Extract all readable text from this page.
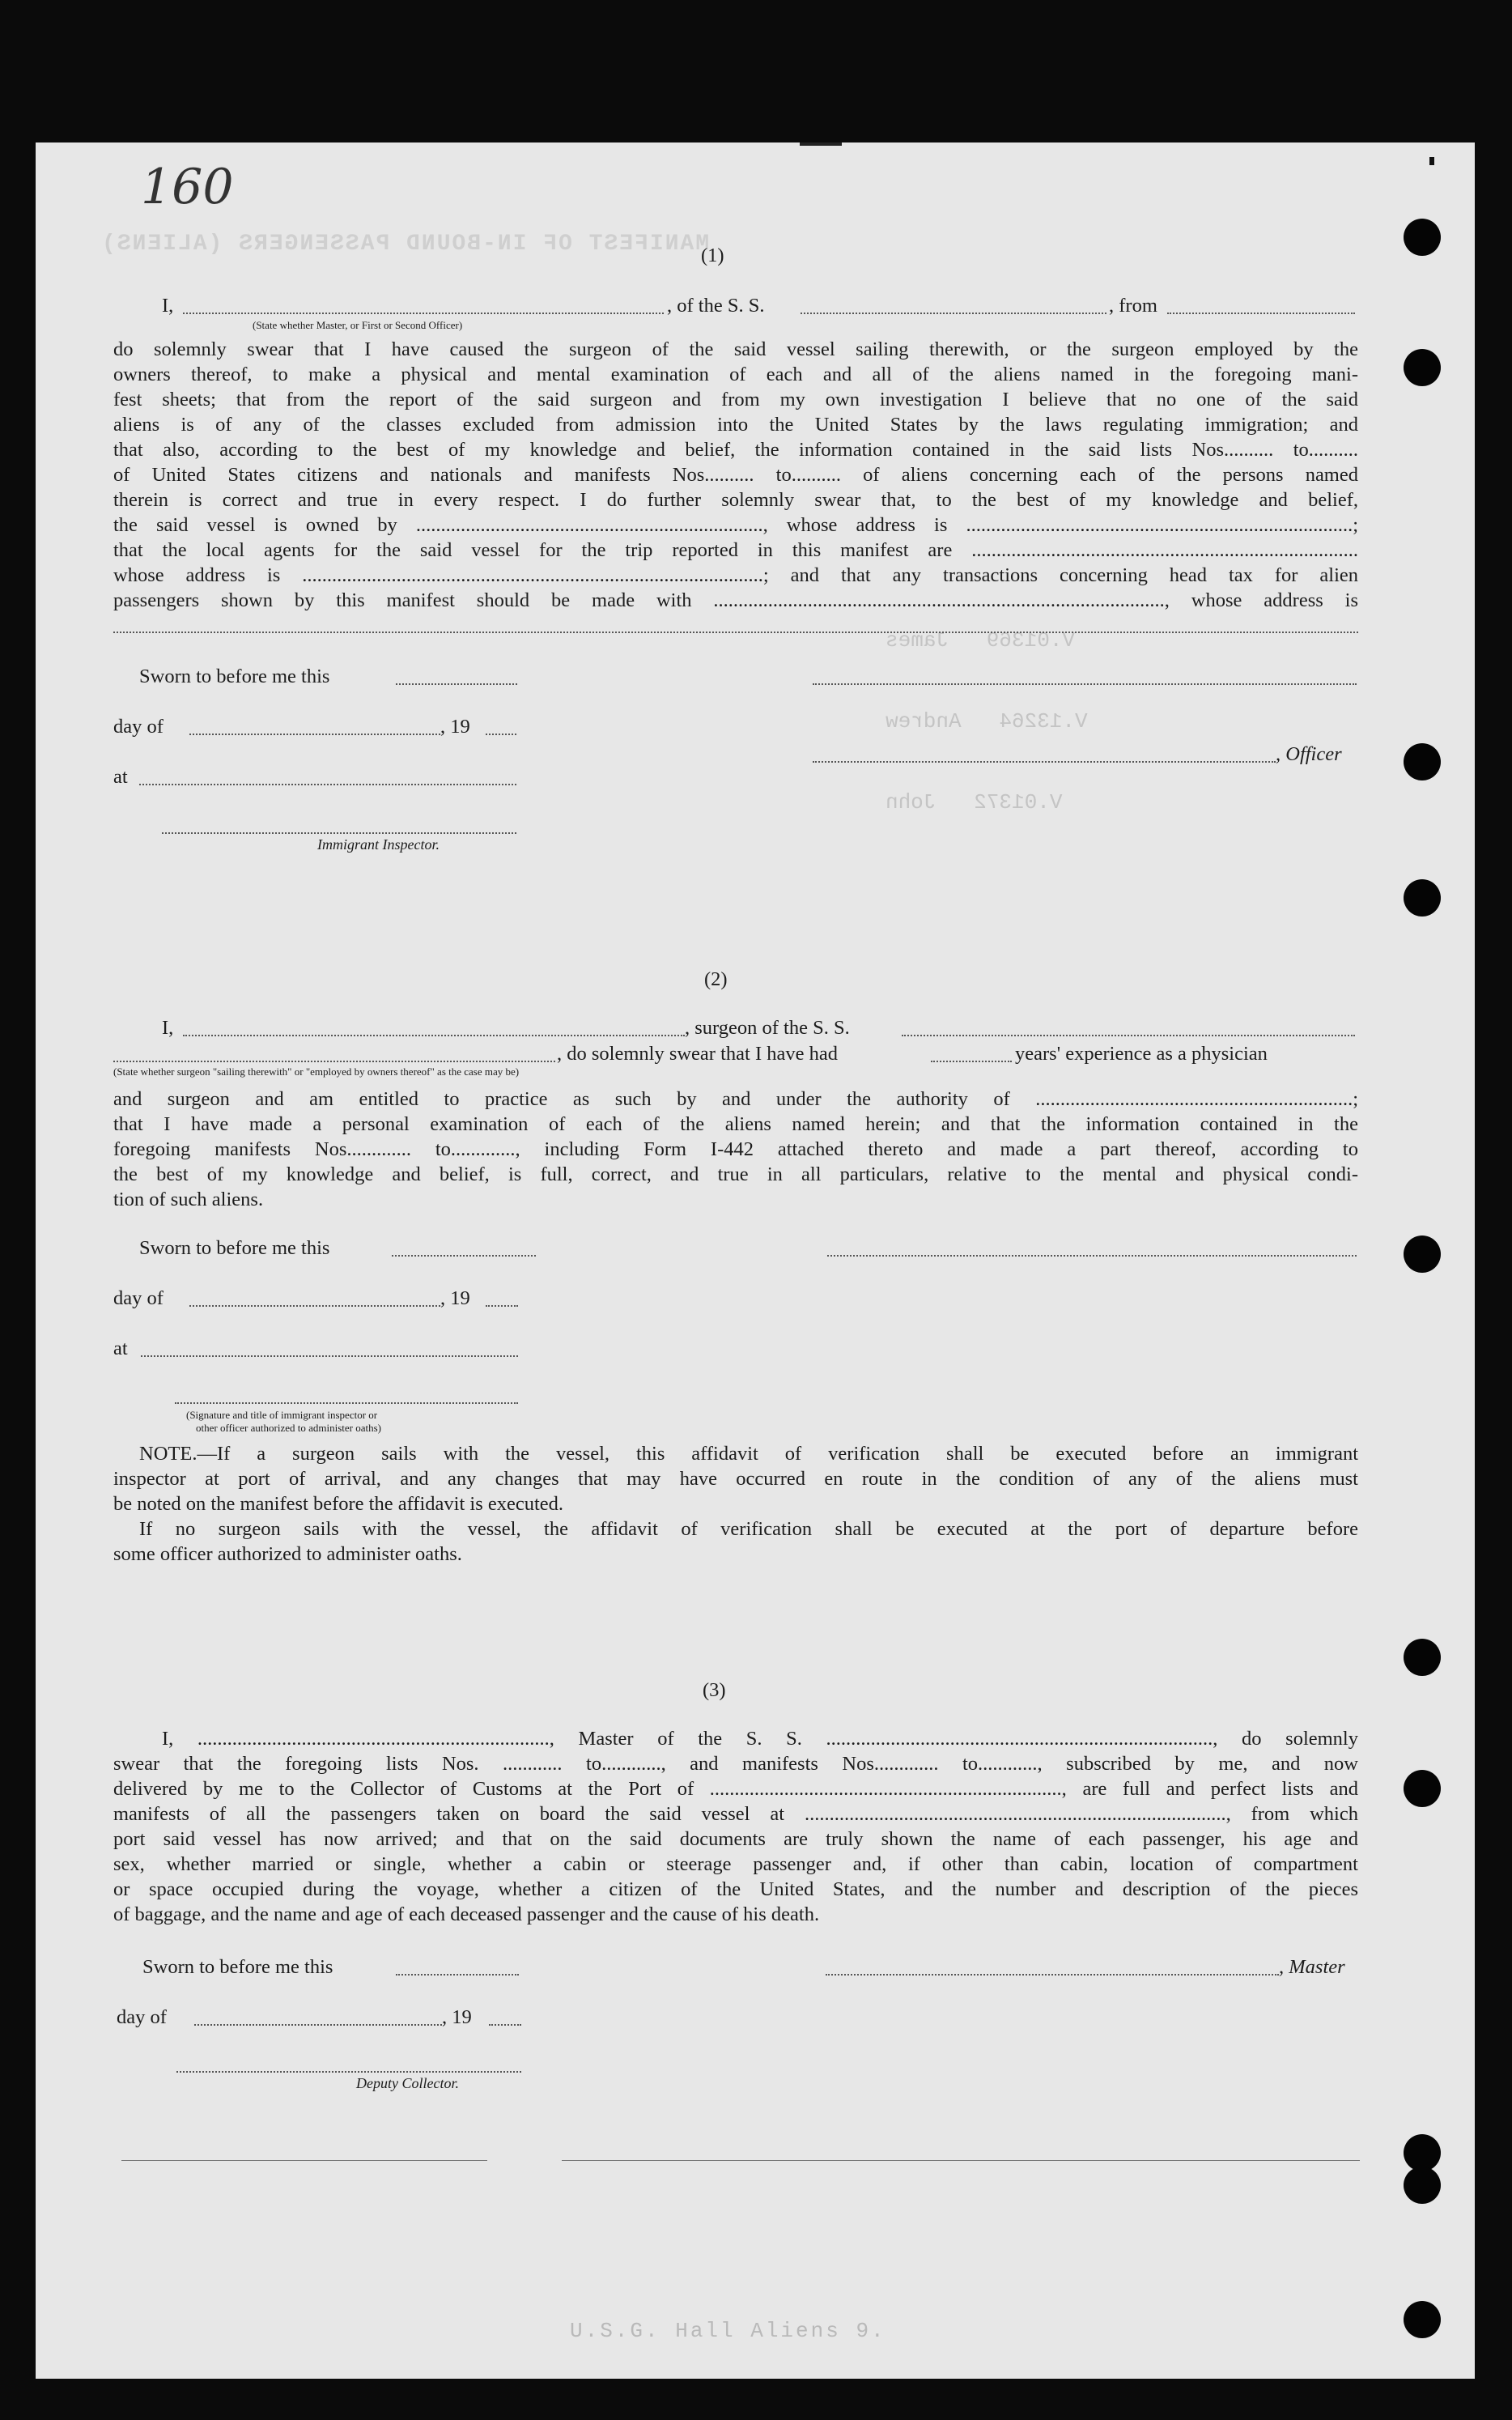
MANIFEST OF IN-BOUND PASSENGERS (ALIENS)
V.01369   James
V.13264   Andrew
V.01372   John
160
(1)
I,	, of the S. S.	, from
(State whether Master, or First or Second Officer)
do solemnly swear that I have caused the surgeon of the said vessel sailing therewith, or the surgeon employed by the
owners thereof, to make a physical and mental examination of each and all of the aliens named in the foregoing mani-
fest sheets; that from the report of the said surgeon and from my own investigation I believe that no one of the said
aliens is of any of the classes excluded from admission into the United States by the laws regulating immigration; and
that also, according to the best of my knowledge and belief, the information contained in the said lists Nos.......... to..........
of United States citizens and nationals and manifests Nos.......... to.......... of aliens concerning each of the persons named
therein is correct and true in every respect. I do further solemnly swear that, to the best of my knowledge and belief,
the said vessel is owned by ......................................................................, whose address is ..............................................................................;
that the local agents for the said vessel for the trip reported in this manifest are ..............................................................................
whose address is .............................................................................................; and that any transactions concerning head tax for alien
passengers shown by this manifest should be made with ..........................................................................................., whose address is
Sworn to before me this
day of	, 19
, Officer
at
Immigrant Inspector.
(2)
I,	, surgeon of the S. S.
, do solemnly swear that I have had	years' experience as a physician
(State whether surgeon "sailing therewith" or "employed by owners thereof" as the case may be)
and surgeon and am entitled to practice as such by and under the authority of ................................................................;
that I have made a personal examination of each of the aliens named herein; and that the information contained in the
foregoing manifests Nos............. to............., including Form I-442 attached thereto and made a part thereof, according to
the best of my knowledge and belief, is full, correct, and true in all particulars, relative to the mental and physical condi-
tion of such aliens.
Sworn to before me this
day of	, 19
at
(Signature and title of immigrant inspector or
other officer authorized to administer oaths)
NOTE.—If a surgeon sails with the vessel, this affidavit of verification shall be executed before an immigrant
inspector at port of arrival, and any changes that may have occurred en route in the condition of any of the aliens must
be noted on the manifest before the affidavit is executed.
If no surgeon sails with the vessel, the affidavit of verification shall be executed at the port of departure before
some officer authorized to administer oaths.
(3)
I, ......................................................................., Master of the S. S. .............................................................................., do solemnly
swear that the foregoing lists Nos. ............ to............, and manifests Nos............. to............, subscribed by me, and now
delivered by me to the Collector of Customs at the Port of ......................................................................., are full and perfect lists and
manifests of all the passengers taken on board the said vessel at ....................................................................................., from which
port said vessel has now arrived; and that on the said documents are truly shown the name of each passenger, his age and
sex, whether married or single, whether a cabin or steerage passenger and, if other than cabin, location of compartment
or space occupied during the voyage, whether a citizen of the United States, and the number and description of the pieces
of baggage, and the name and age of each deceased passenger and the cause of his death.
Sworn to before me this	, Master
day of	, 19
Deputy Collector.
U.S.G. Hall Aliens 9.
